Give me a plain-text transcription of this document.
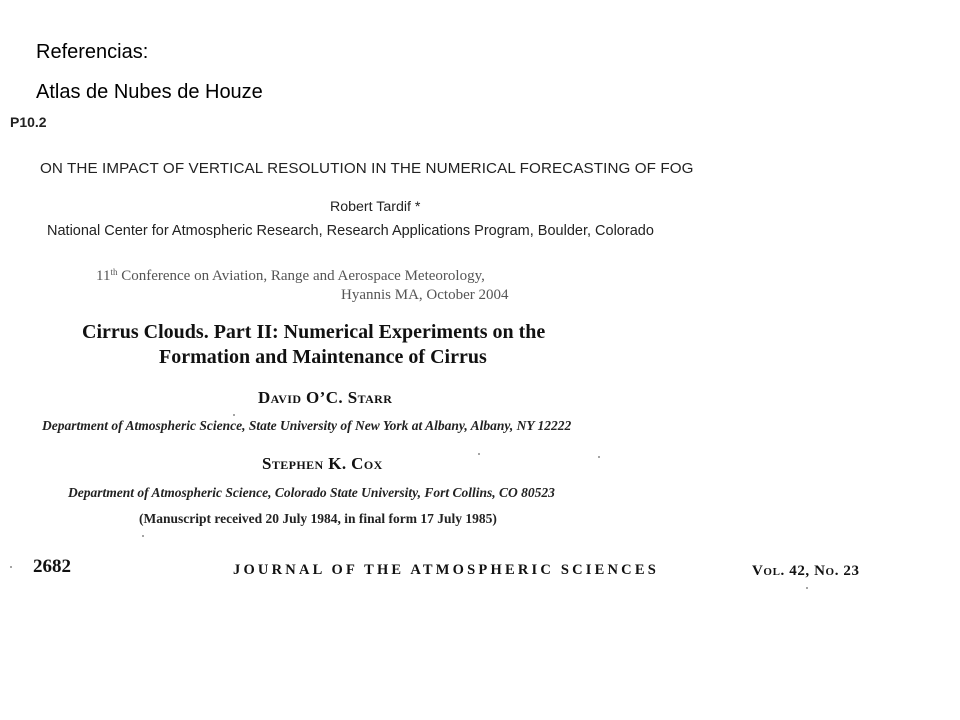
Referencias:
Atlas de Nubes de Houze
P10.2
ON THE IMPACT OF VERTICAL RESOLUTION IN THE NUMERICAL FORECASTING OF FOG
Robert Tardif *
National Center for Atmospheric Research, Research Applications Program, Boulder, Colorado
11th Conference on Aviation, Range and Aerospace Meteorology,
Hyannis MA, October 2004
Cirrus Clouds. Part II: Numerical Experiments on the
Formation and Maintenance of Cirrus
David O’C. Starr
Department of Atmospheric Science, State University of New York at Albany, Albany, NY 12222
Stephen K. Cox
Department of Atmospheric Science, Colorado State University, Fort Collins, CO 80523
(Manuscript received 20 July 1984, in final form 17 July 1985)
2682	JOURNAL OF THE ATMOSPHERIC SCIENCES	Vol. 42, No. 23
